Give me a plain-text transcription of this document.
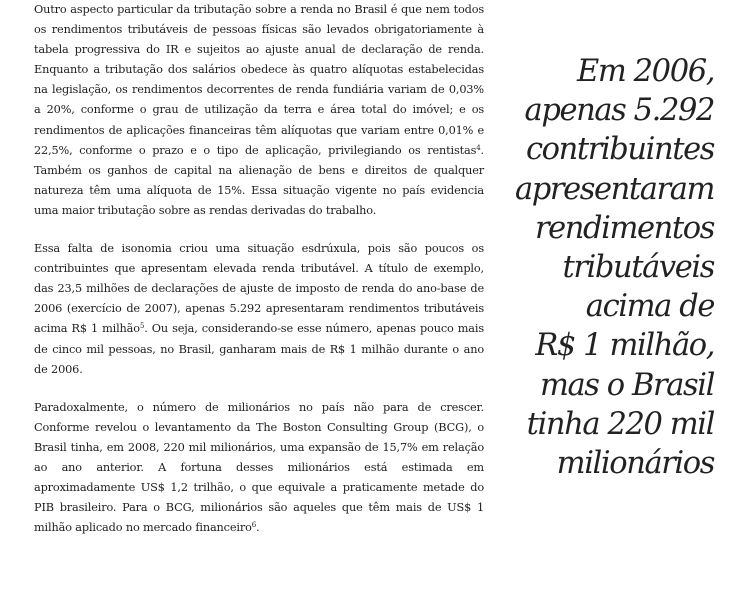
Outro aspecto particular da tributação sobre a renda no Brasil é que nem todos os rendimentos tributáveis de pessoas físicas são levados obrigatoriamente à tabela progressiva do IR e sujeitos ao ajuste anual de declaração de renda. Enquanto a tributação dos salários obedece às quatro alíquotas estabelecidas na legislação, os rendimentos decorrentes de renda fundiária variam de 0,03% a 20%, conforme o grau de utilização da terra e área total do imóvel; e os rendimentos de aplicações financeiras têm alíquotas que variam entre 0,01% e 22,5%, conforme o prazo e o tipo de aplicação, privilegiando os rentistas$^4$. Também os ganhos de capital na alienação de bens e direitos de qualquer natureza têm uma alíquota de 15%. Essa situação vigente no país evidencia uma maior tributação sobre as rendas derivadas do trabalho.

Essa falta de isonomia criou uma situação esdrúxula, pois são poucos os contribuintes que apresentam elevada renda tributável. A título de exemplo, das 23,5 milhões de declarações de ajuste de imposto de renda do ano-base de 2006 (exercício de 2007), apenas 5.292 apresentaram rendimentos tributáveis acima R$ 1 milhão$^5$. Ou seja, considerando-se esse número, apenas pouco mais de cinco mil pessoas, no Brasil, ganharam mais de R$ 1 milhão durante o ano de 2006.

Paradoxalmente, o número de milionários no país não para de crescer. Conforme revelou o levantamento da The Boston Consulting Group (BCG), o Brasil tinha, em 2008, 220 mil milionários, uma expansão de 15,7% em relação ao ano anterior. A fortuna desses milionários está estimada em aproximadamente US$ 1,2 trilhão, o que equivale a praticamente metade do PIB brasileiro. Para o BCG, milionários são aqueles que têm mais de US$ 1 milhão aplicado no mercado financeiro$^6$.

Em 2006,
apenas 5.292
contribuintes
apresentaram
rendimentos
tributáveis
acima de
R$ 1 milhão,
mas o Brasil
tinha 220 mil
milionários
